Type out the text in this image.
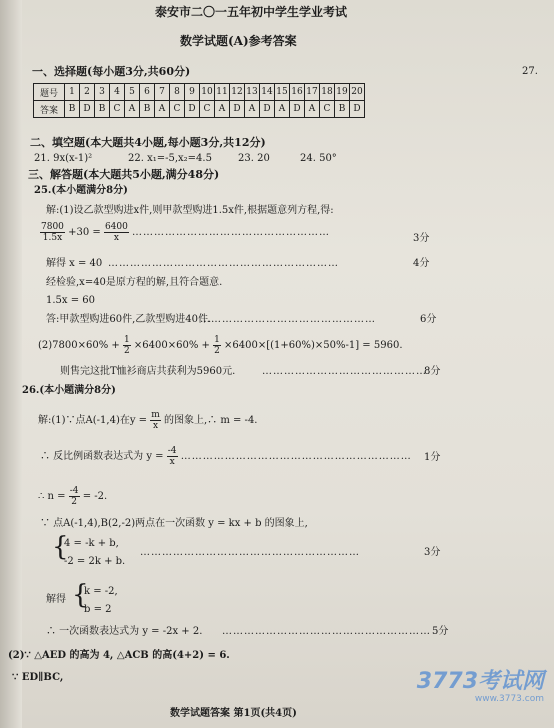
泰安市二〇一五年初中学生学业考试
数学试题(A)参考答案
27.
一、选择题(每小题3分,共60分)
题号	1	2	3	4	5	6	7	8	9	10	11	12	13	14	15	16	17	18	19	20
答案	B	D	B	C	A	B	A	C	D	C	A	D	A	D	A	D	A	C	B	D
二、填空题(本大题共4小题,每小题3分,共12分)
21. 9x(x-1)²	22. x₁=-5,x₂=4.5	23. 20	24. 50°
三、解答题(本大题共5小题,满分48分)
25.(本小题满分8分)
解:(1)设乙款型购进x件,则甲款型购进1.5x件,根据题意列方程,得:
$\frac{7800}{1.5x} +30 = \frac{6400}{x}$ ………………………………………………
3分
解得 x = 40 ………………………………………………………	4分
经检验,x=40是原方程的解,且符合题意.
1.5x = 60
答:甲款型购进60件,乙款型购进40件.
…………………………………………	6分
$(2)7800\times 60\% + \frac{1}{2} \times 6400\times 60\% + \frac{1}{2} \times 6400\times[(1+60\%)\times 50\%-1] = 5960$.
则售完这批T恤衫商店共获利为5960元.	………………………………………
8分
26.(本小题满分8分)
解:(1)∵点A(-1,4)在$y = \frac{m}{x}$ 的图象上,∴ m = -4.
∴ 反比例函数表达式为 $y = \frac{-4}{x}$ ……………………………………………………… 1分
∴ $n = \frac{-4}{2} = -2$.
∵ 点A(-1,4),B(2,-2)两点在一次函数 y = kx + b 的图象上,
{
4 = -k + b,
-2 = 2k + b.
……………………………………………………	3分
解得 {
k = -2,
b = 2
∴ 一次函数表达式为 y = -2x + 2. ………………………………………………… 5分
(2)∵ △AED 的高为 4, △ACB 的高(4+2) = 6.
∵ ED∥BC,
数学试题答案 第1页(共4页)
3773考试网
www.3773.com
